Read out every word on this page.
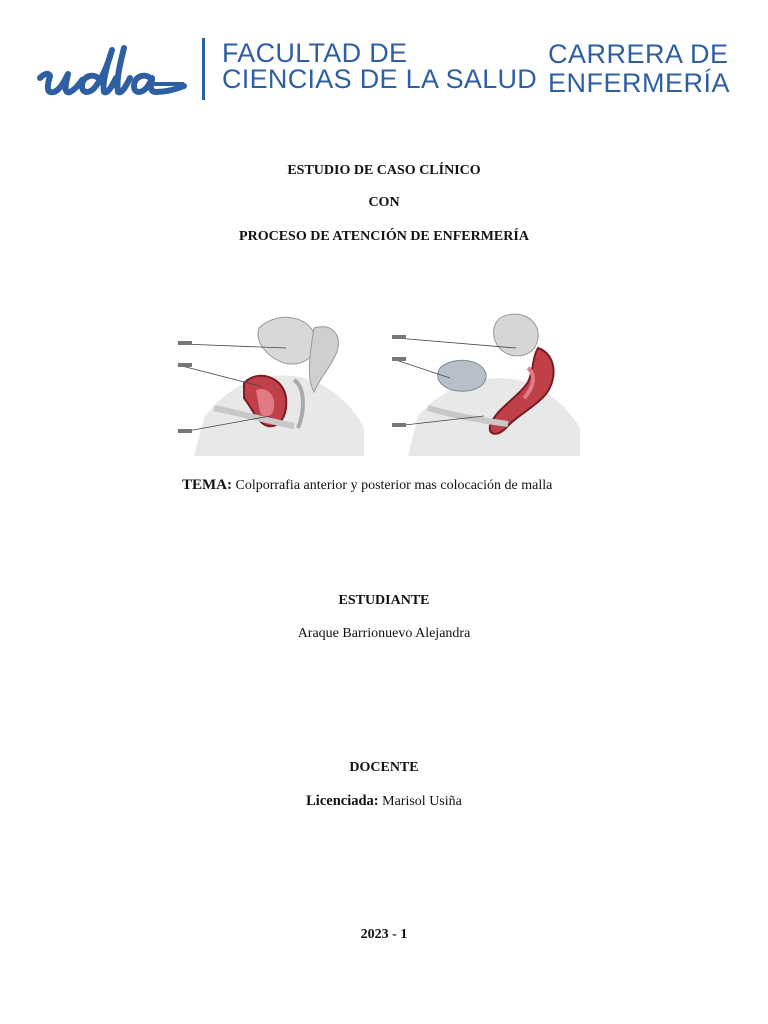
udla	FACULTAD DE
CIENCIAS DE LA SALUD
CARRERA DE
ENFERMERÍA
ESTUDIO DE CASO CLÍNICO
CON
PROCESO DE ATENCIÓN DE ENFERMERÍA
TEMA: Colporrafia anterior y posterior mas colocación de malla
ESTUDIANTE
Araque Barrionuevo Alejandra
DOCENTE
Licenciada: Marisol Usiña
2023 - 1
